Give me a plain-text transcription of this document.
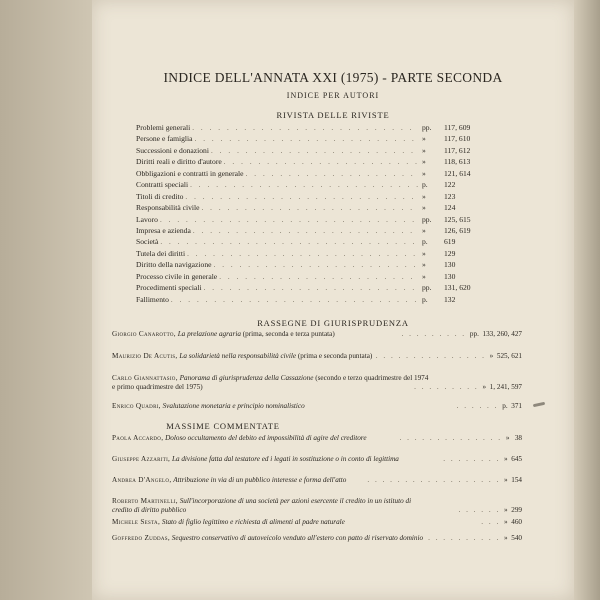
INDICE DELL'ANNATA XXI (1975) - PARTE SECONDA
INDICE PER AUTORI
RIVISTA DELLE RIVISTE
Problemi generali . . .	pp.	117, 609
Persone e famiglia . . .	»	117, 610
Successioni e donazioni . . .	»	117, 612
Diritti reali e diritto d'autore . . .	»	118, 613
Obbligazioni e contratti in generale . . .	»	121, 614
Contratti speciali . . .	p.	122
Titoli di credito . . .	»	123
Responsabilità civile . . .	»	124
Lavoro . . .	pp.	125, 615
Impresa e azienda . . .	»	126, 619
Società . . .	p.	619
Tutela dei diritti . . .	»	129
Diritto della navigazione . . .	»	130
Processo civile in generale . . .	»	130
Procedimenti speciali . . .	pp.	131, 620
Fallimento . . .	p.	132
RASSEGNE DI GIURISPRUDENZA
Giorgio Canarotto, La prelazione agraria (prima, seconda e terza puntata)	. . . . . . . . . pp. 133, 260, 427
Maurizio De Acutis, La solidarietà nella responsabilità civile (prima e seconda puntata) . . . . . . . . . . . . . . . » 525, 621
Carlo Giannattasio, Panorama di giurisprudenza della Cassazione (secondo e terzo quadrimestre del 1974 e primo quadrimestre del 1975)	. . . . . . . . . » 1, 241, 597
Enrico Quadri, Svalutazione monetaria e principio nominalistico	. . . . . . p. 371
MASSIME COMMENTATE
Paola Accardo, Doloso occultamento del debito ed impossibilità di agire del creditore	. . . . . . . . . . . . . . » 38
Giuseppe Azzariti, La divisione fatta dal testatore ed i legati in sostituzione o in conto di legittima	. . . . . . . . » 645
Andrea D'Angelo, Attribuzione in via di un pubblico interesse e forma dell'atto	. . . . . . . . . . . . . . . . . . » 154
Roberto Martinelli, Sull'incorporazione di una società per azioni esercente il credito in un istituto di credito di diritto pubblico	. . . . . . » 299
Michele Sesta, Stato di figlio legittimo e richiesta di alimenti al padre naturale	. . . » 460
Goffredo Zuddas, Sequestro conservativo di autoveicolo venduto all'estero con patto di riservato dominio . . . . . . . . . . » 540
